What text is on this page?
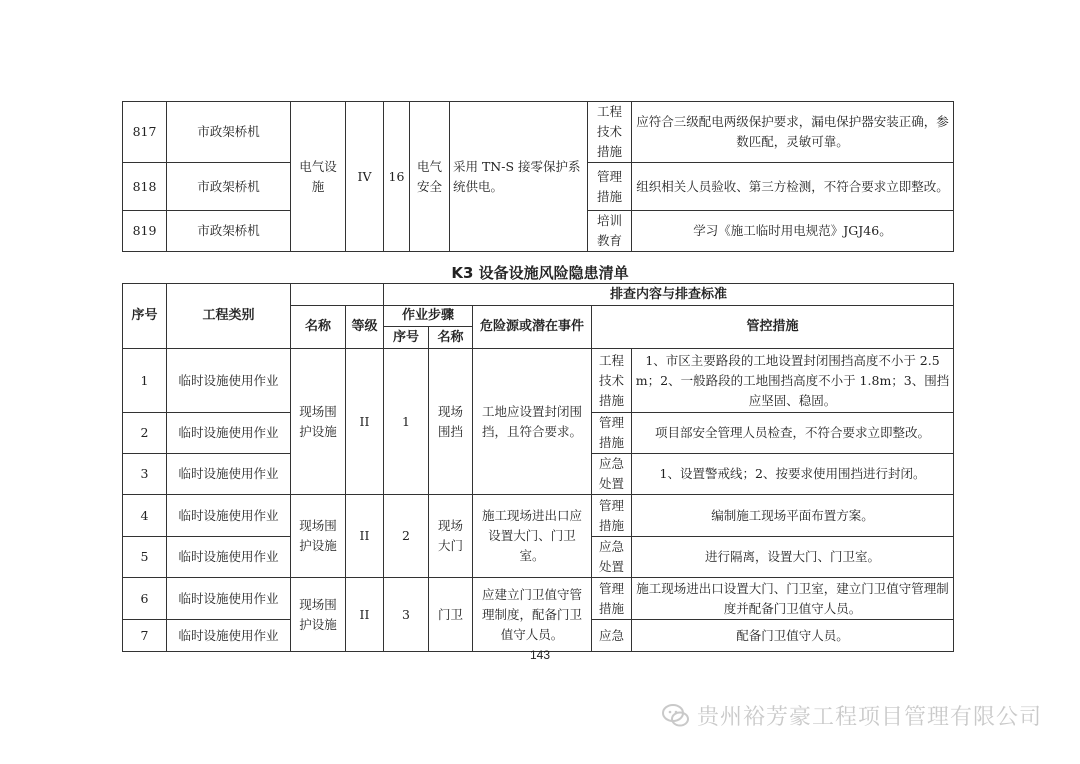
817	市政架桥机	电气设施	IV	16	电气安全	采用 TN-S 接零保护系统供电。	工程技术措施	应符合三级配电两级保护要求，漏电保护器安装正确，参数匹配，灵敏可靠。
818	市政架桥机						管理措施	组织相关人员验收、第三方检测，不符合要求立即整改。
819	市政架桥机						培训教育	学习《施工临时用电规范》JGJ46。
K3 设备设施风险隐患清单
序号	工程类别			排查内容与排查标准				
		名称	等级	作业步骤		危险源或潜在事件	管控措施	
				序号	名称			
1	临时设施使用作业	现场围护设施	II	1	现场围挡	工地应设置封闭围挡，且符合要求。	工程技术措施	1、市区主要路段的工地设置封闭围挡高度不小于 2.5m；2、一般路段的工地围挡高度不小于 1.8m；3、围挡应坚固、稳固。
2	临时设施使用作业						管理措施	项目部安全管理人员检查，不符合要求立即整改。
3	临时设施使用作业						应急处置	1、设置警戒线；2、按要求使用围挡进行封闭。
4	临时设施使用作业	现场围护设施	II	2	现场大门	施工现场进出口应设置大门、门卫室。	管理措施	编制施工现场平面布置方案。
5	临时设施使用作业						应急处置	进行隔离，设置大门、门卫室。
6	临时设施使用作业	现场围护设施	II	3	门卫	应建立门卫值守管理制度，配备门卫值守人员。	管理措施	施工现场进出口设置大门、门卫室，建立门卫值守管理制度并配备门卫值守人员。
7	临时设施使用作业						应急	配备门卫值守人员。
143
贵州裕芳豪工程项目管理有限公司
